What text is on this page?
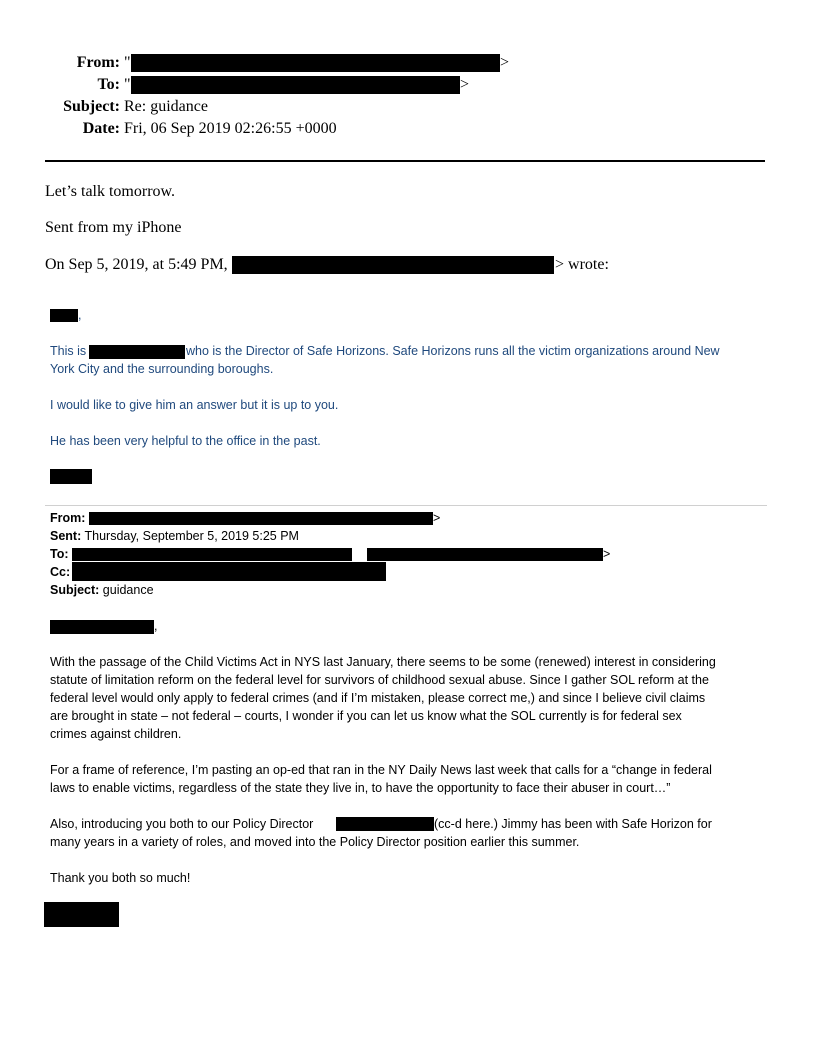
From: "	>
To: "	>
Subject: Re: guidance
Date: Fri, 06 Sep 2019 02:26:55 +0000
Let’s talk tomorrow.
Sent from my iPhone
On Sep 5, 2019, at 5:49 PM,	> wrote:
,
This is	who is the Director of Safe Horizons. Safe Horizons runs all the victim organizations around New
York City and the surrounding boroughs.
I would like to give him an answer but it is up to you.
He has been very helpful to the office in the past.
From:	>
Sent: Thursday, September 5, 2019 5:25 PM
To:	>
Cc:
Subject: guidance
,
With the passage of the Child Victims Act in NYS last January, there seems to be some (renewed) interest in considering
statute of limitation reform on the federal level for survivors of childhood sexual abuse. Since I gather SOL reform at the
federal level would only apply to federal crimes (and if I’m mistaken, please correct me,) and since I believe civil claims
are brought in state – not federal – courts, I wonder if you can let us know what the SOL currently is for federal sex
crimes against children.
For a frame of reference, I’m pasting an op-ed that ran in the NY Daily News last week that calls for a “change in federal
laws to enable victims, regardless of the state they live in, to have the opportunity to face their abuser in court…”
Also, introducing you both to our Policy Director	(cc-d here.) Jimmy has been with Safe Horizon for
many years in a variety of roles, and moved into the Policy Director position earlier this summer.
Thank you both so much!
